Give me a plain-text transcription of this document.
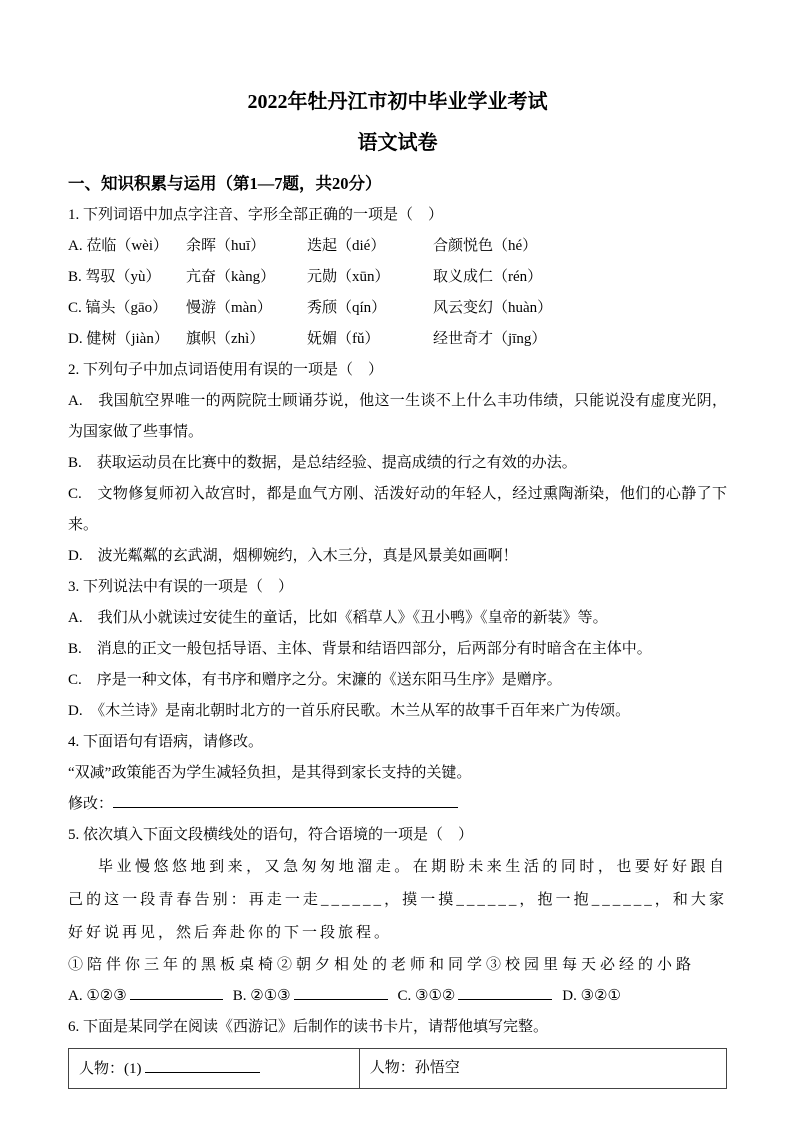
2022年牡丹江市初中毕业学业考试
语文试卷
一、知识积累与运用（第1—7题，共20分）

1. 下列词语中加点字注音、字形全部正确的一项是（　）

A. 莅临（wèi）	余晖（huī）	迭起（dié）	合颜悦色（hé）
B. 驾驭（yù）	亢奋（kàng）	元勋（xūn）	取义成仁（rén）
C. 镐头（gāo）	慢游（màn）	秀颀（qín）	风云变幻（huàn）
D. 健树（jiàn）	旗帜（zhì）	妩媚（fǔ）	经世奇才（jīng）

2. 下列句子中加点词语使用有误的一项是（　）

A.　我国航空界唯一的两院院士顾诵芬说，他这一生谈不上什么丰功伟绩，只能说没有虚度光阴，为国家做了些事情。

B.　获取运动员在比赛中的数据，是总结经验、提高成绩的行之有效的办法。

C.　文物修复师初入故宫时，都是血气方刚、活泼好动的年轻人，经过熏陶渐染，他们的心静了下来。

D.　波光粼粼的玄武湖，烟柳婉约，入木三分，真是风景美如画啊！

3. 下列说法中有误的一项是（　）

A.　我们从小就读过安徒生的童话，比如《稻草人》《丑小鸭》《皇帝的新装》等。

B.　消息的正文一般包括导语、主体、背景和结语四部分，后两部分有时暗含在主体中。

C.　序是一种文体，有书序和赠序之分。宋濂的《送东阳马生序》是赠序。

D.　《木兰诗》是南北朝时北方的一首乐府民歌。木兰从军的故事千百年来广为传颂。

4. 下面语句有语病，请修改。

“双减”政策能否为学生减轻负担，是其得到家长支持的关键。

修改：

5. 依次填入下面文段横线处的语句，符合语境的一项是（　）

毕业慢悠悠地到来，又急匆匆地溜走。在期盼未来生活的同时，也要好好跟自己的这一段青春告别：再走一走______，摸一摸______，抱一抱______，和大家好好说再见，然后奔赴你的下一段旅程。

①陪伴你三年的黑板桌椅②朝夕相处的老师和同学③校园里每天必经的小路

A. ①②③	B. ②①③	C. ③①②	D. ③②①

6. 下面是某同学在阅读《西游记》后制作的读书卡片，请帮他填写完整。

人物：(1)	人物：孙悟空
